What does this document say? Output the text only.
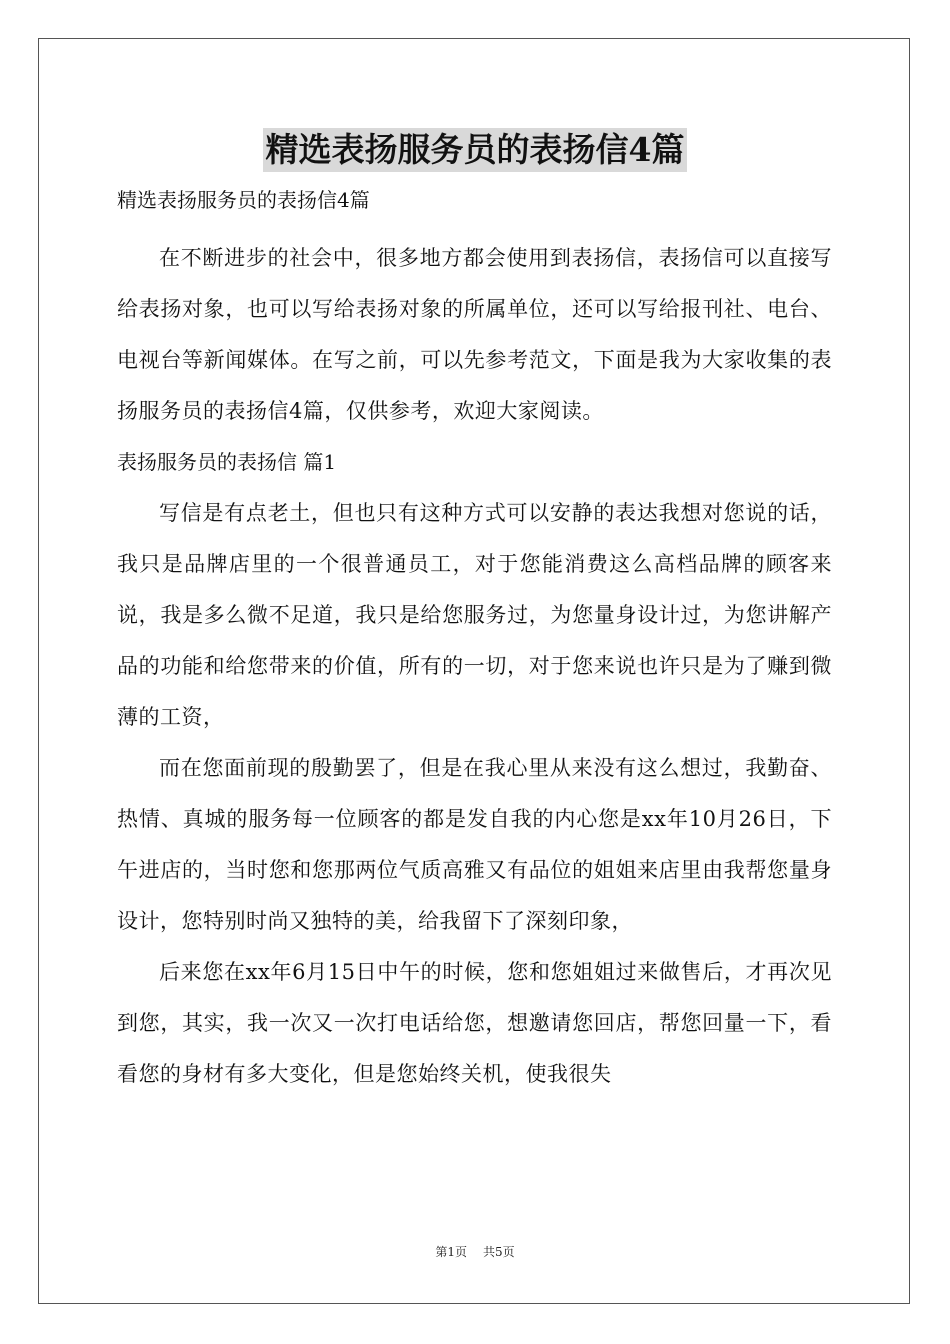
精选表扬服务员的表扬信4篇
精选表扬服务员的表扬信4篇

在不断进步的社会中，很多地方都会使用到表扬信，表扬信可以直接写给表扬对象，也可以写给表扬对象的所属单位，还可以写给报刊社、电台、电视台等新闻媒体。在写之前，可以先参考范文，下面是我为大家收集的表扬服务员的表扬信4篇，仅供参考，欢迎大家阅读。

表扬服务员的表扬信 篇1

写信是有点老土，但也只有这种方式可以安静的表达我想对您说的话，我只是品牌店里的一个很普通员工，对于您能消费这么高档品牌的顾客来说，我是多么微不足道，我只是给您服务过，为您量身设计过，为您讲解产品的功能和给您带来的价值，所有的一切，对于您来说也许只是为了赚到微薄的工资，

而在您面前现的殷勤罢了，但是在我心里从来没有这么想过，我勤奋、热情、真城的服务每一位顾客的都是发自我的内心您是xx年10月26日，下午进店的，当时您和您那两位气质高雅又有品位的姐姐来店里由我帮您量身设计，您特别时尚又独特的美，给我留下了深刻印象，

后来您在xx年6月15日中午的时候，您和您姐姐过来做售后，才再次见到您，其实，我一次又一次打电话给您，想邀请您回店，帮您回量一下，看看您的身材有多大变化，但是您始终关机，使我很失

第1页 共5页
